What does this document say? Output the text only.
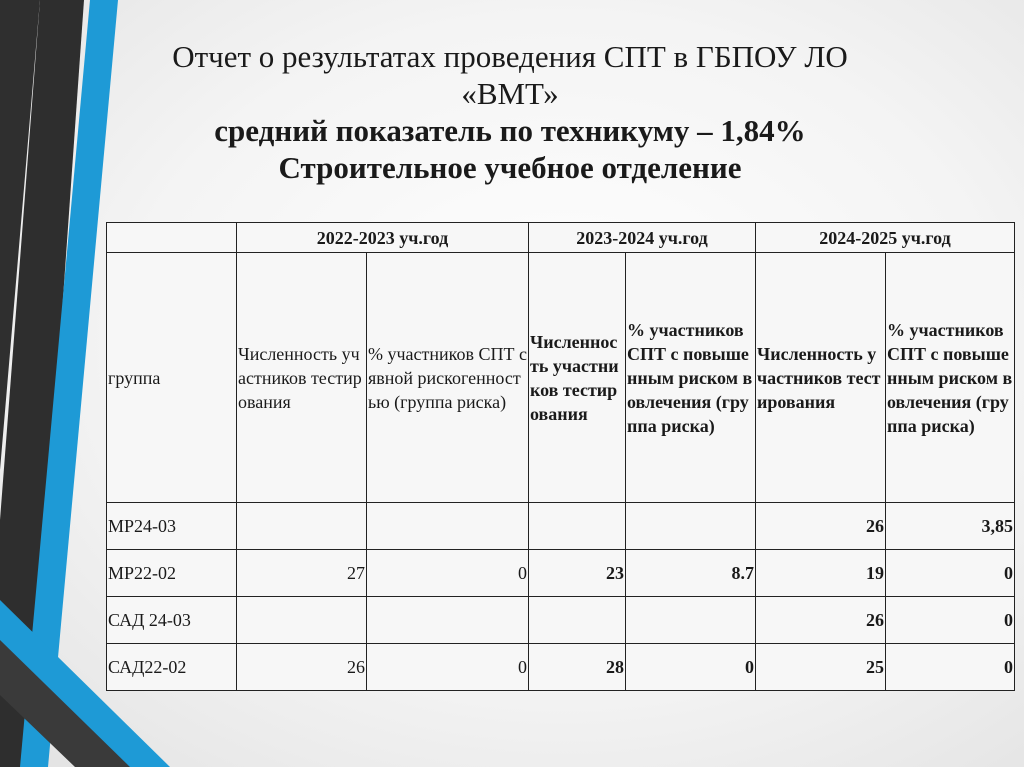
Отчет о результатах проведения СПТ в ГБПОУ ЛО
«ВМТ»
средний показатель по техникуму – 1,84%
Строительное учебное отделение
	2022-2023 уч.год		2023-2024 уч.год		2024-2025 уч.год	
группа	Численность участников тестирования	% участников СПТ с явной рискогенностью (группа риска)	Численность участников тестирования	% участников СПТ с повышенным риском вовлечения (группа риска)	Численность участников тестирования	% участников СПТ с повышенным риском вовлечения (группа риска)
МР24-03					26	3,85
МР22-02	27	0	23	8.7	19	0
САД 24-03					26	0
САД22-02	26	0	28	0	25	0
